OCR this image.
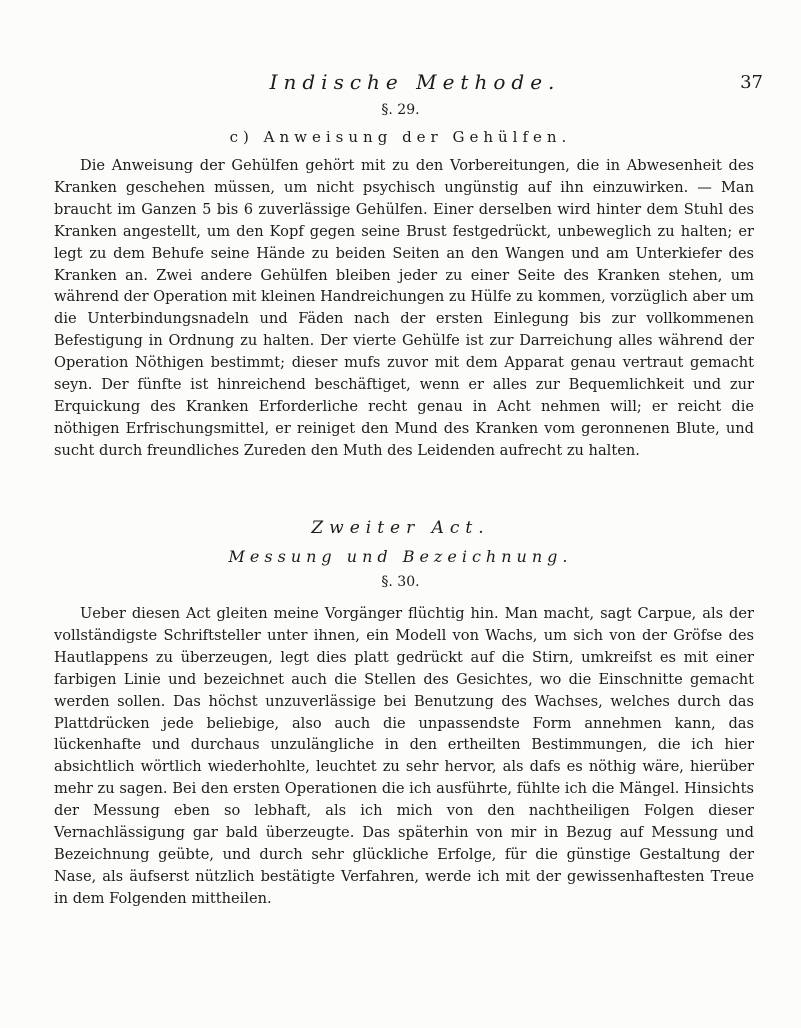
Indische Methode.	37
§. 29.
c) Anweisung der Gehülfen.

Die Anweisung der Gehülfen gehört mit zu den Vorbereitungen, die in Abwesenheit des Kranken geschehen müssen, um nicht psychisch ungünstig auf ihn einzuwirken. — Man braucht im Ganzen 5 bis 6 zuverlässige Gehülfen. Einer derselben wird hinter dem Stuhl des Kranken angestellt, um den Kopf gegen seine Brust festgedrückt, unbeweglich zu halten; er legt zu dem Behufe seine Hände zu beiden Seiten an den Wangen und am Unterkiefer des Kranken an. Zwei andere Gehülfen bleiben jeder zu einer Seite des Kranken stehen, um während der Operation mit kleinen Handreichungen zu Hülfe zu kommen, vorzüglich aber um die Unterbindungsnadeln und Fäden nach der ersten Einlegung bis zur vollkommenen Befestigung in Ordnung zu halten. Der vierte Gehülfe ist zur Darreichung alles während der Operation Nöthigen bestimmt; dieser mufs zuvor mit dem Apparat genau vertraut gemacht seyn. Der fünfte ist hinreichend beschäftiget, wenn er alles zur Bequemlichkeit und zur Erquickung des Kranken Erforderliche recht genau in Acht nehmen will; er reicht die nöthigen Erfrischungsmittel, er reiniget den Mund des Kranken vom geronnenen Blute, und sucht durch freundliches Zureden den Muth des Leidenden aufrecht zu halten.

Zweiter Act.
Messung und Bezeichnung.
§. 30.

Ueber diesen Act gleiten meine Vorgänger flüchtig hin. Man macht, sagt Carpue, als der vollständigste Schriftsteller unter ihnen, ein Modell von Wachs, um sich von der Gröfse des Hautlappens zu überzeugen, legt dies platt gedrückt auf die Stirn, umkreifst es mit einer farbigen Linie und bezeichnet auch die Stellen des Gesichtes, wo die Einschnitte gemacht werden sollen. Das höchst unzuverlässige bei Benutzung des Wachses, welches durch das Plattdrücken jede beliebige, also auch die unpassendste Form annehmen kann, das lückenhafte und durchaus unzulängliche in den ertheilten Bestimmungen, die ich hier absichtlich wörtlich wiederhohlte, leuchtet zu sehr hervor, als dafs es nöthig wäre, hierüber mehr zu sagen. Bei den ersten Operationen die ich ausführte, fühlte ich die Mängel. Hinsichts der Messung eben so lebhaft, als ich mich von den nachtheiligen Folgen dieser Vernachlässigung gar bald überzeugte. Das späterhin von mir in Bezug auf Messung und Bezeichnung geübte, und durch sehr glückliche Erfolge, für die günstige Gestaltung der Nase, als äufserst nützlich bestätigte Verfahren, werde ich mit der gewissenhaftesten Treue in dem Folgenden mittheilen.
